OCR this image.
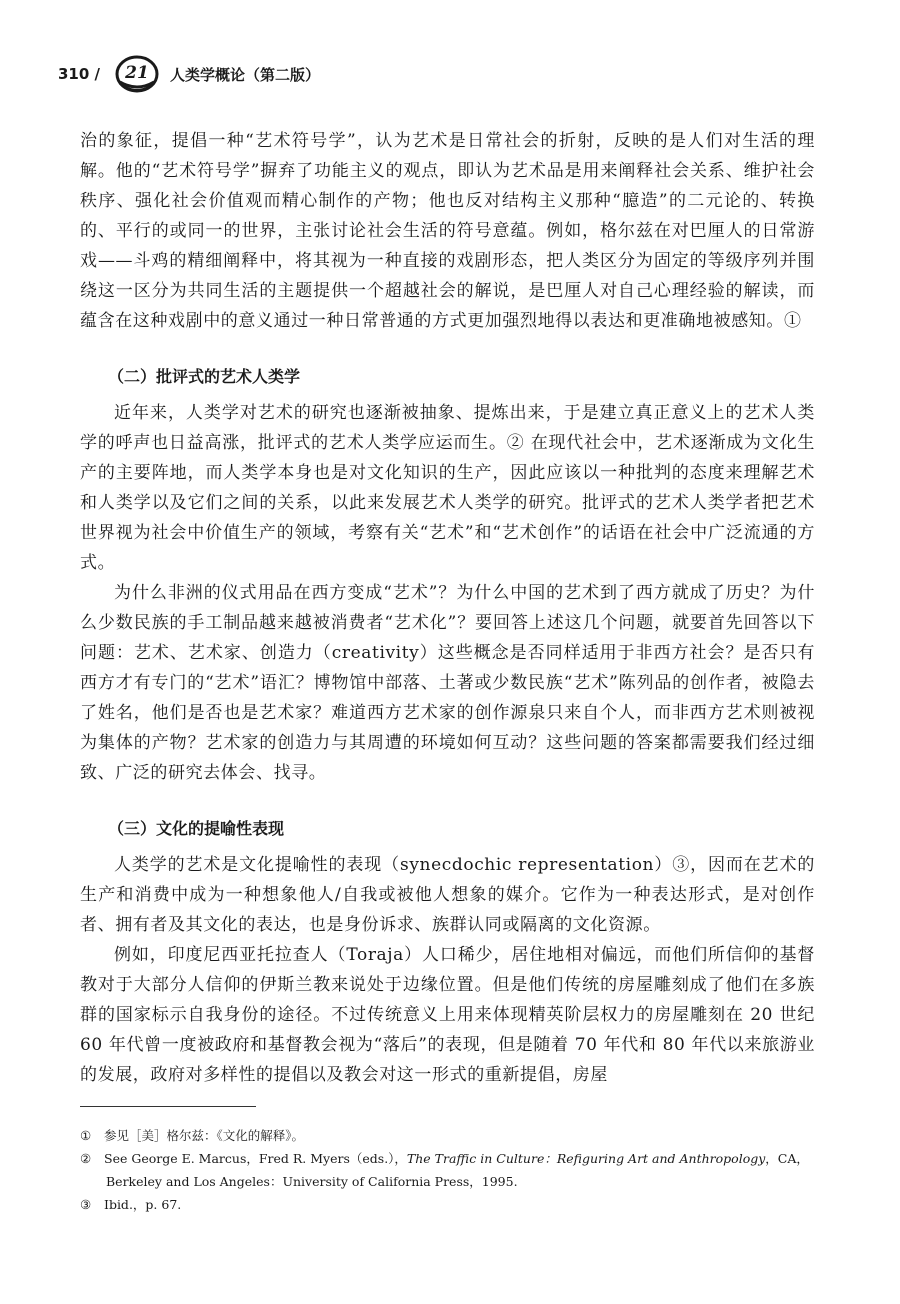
310 / 21 人类学概论（第二版）

治的象征，提倡一种“艺术符号学”，认为艺术是日常社会的折射，反映的是人们对生活的理解。他的“艺术符号学”摒弃了功能主义的观点，即认为艺术品是用来阐释社会关系、维护社会秩序、强化社会价值观而精心制作的产物；他也反对结构主义那种“臆造”的二元论的、转换的、平行的或同一的世界，主张讨论社会生活的符号意蕴。例如，格尔兹在对巴厘人的日常游戏——斗鸡的精细阐释中，将其视为一种直接的戏剧形态，把人类区分为固定的等级序列并围绕这一区分为共同生活的主题提供一个超越社会的解说，是巴厘人对自己心理经验的解读，而蕴含在这种戏剧中的意义通过一种日常普通的方式更加强烈地得以表达和更准确地被感知。①

（二）批评式的艺术人类学

近年来，人类学对艺术的研究也逐渐被抽象、提炼出来，于是建立真正意义上的艺术人类学的呼声也日益高涨，批评式的艺术人类学应运而生。② 在现代社会中，艺术逐渐成为文化生产的主要阵地，而人类学本身也是对文化知识的生产，因此应该以一种批判的态度来理解艺术和人类学以及它们之间的关系，以此来发展艺术人类学的研究。批评式的艺术人类学者把艺术世界视为社会中价值生产的领域，考察有关“艺术”和“艺术创作”的话语在社会中广泛流通的方式。

为什么非洲的仪式用品在西方变成“艺术”？为什么中国的艺术到了西方就成了历史？为什么少数民族的手工制品越来越被消费者“艺术化”？要回答上述这几个问题，就要首先回答以下问题：艺术、艺术家、创造力（creativity）这些概念是否同样适用于非西方社会？是否只有西方才有专门的“艺术”语汇？博物馆中部落、土著或少数民族“艺术”陈列品的创作者，被隐去了姓名，他们是否也是艺术家？难道西方艺术家的创作源泉只来自个人，而非西方艺术则被视为集体的产物？艺术家的创造力与其周遭的环境如何互动？这些问题的答案都需要我们经过细致、广泛的研究去体会、找寻。

（三）文化的提喻性表现

人类学的艺术是文化提喻性的表现（synecdochic representation）③，因而在艺术的生产和消费中成为一种想象他人/自我或被他人想象的媒介。它作为一种表达形式，是对创作者、拥有者及其文化的表达，也是身份诉求、族群认同或隔离的文化资源。

例如，印度尼西亚托拉查人（Toraja）人口稀少，居住地相对偏远，而他们所信仰的基督教对于大部分人信仰的伊斯兰教来说处于边缘位置。但是他们传统的房屋雕刻成了他们在多族群的国家标示自我身份的途径。不过传统意义上用来体现精英阶层权力的房屋雕刻在 20 世纪 60 年代曾一度被政府和基督教会视为“落后”的表现，但是随着 70 年代和 80 年代以来旅游业的发展，政府对多样性的提倡以及教会对这一形式的重新提倡，房屋

① 参见［美］格尔兹：《文化的解释》。

② See George E. Marcus，Fred R. Myers（eds.），The Traffic in Culture：Refiguring Art and Anthropology，CA，Berkeley and Los Angeles：University of California Press，1995.

③ Ibid.，p. 67.
